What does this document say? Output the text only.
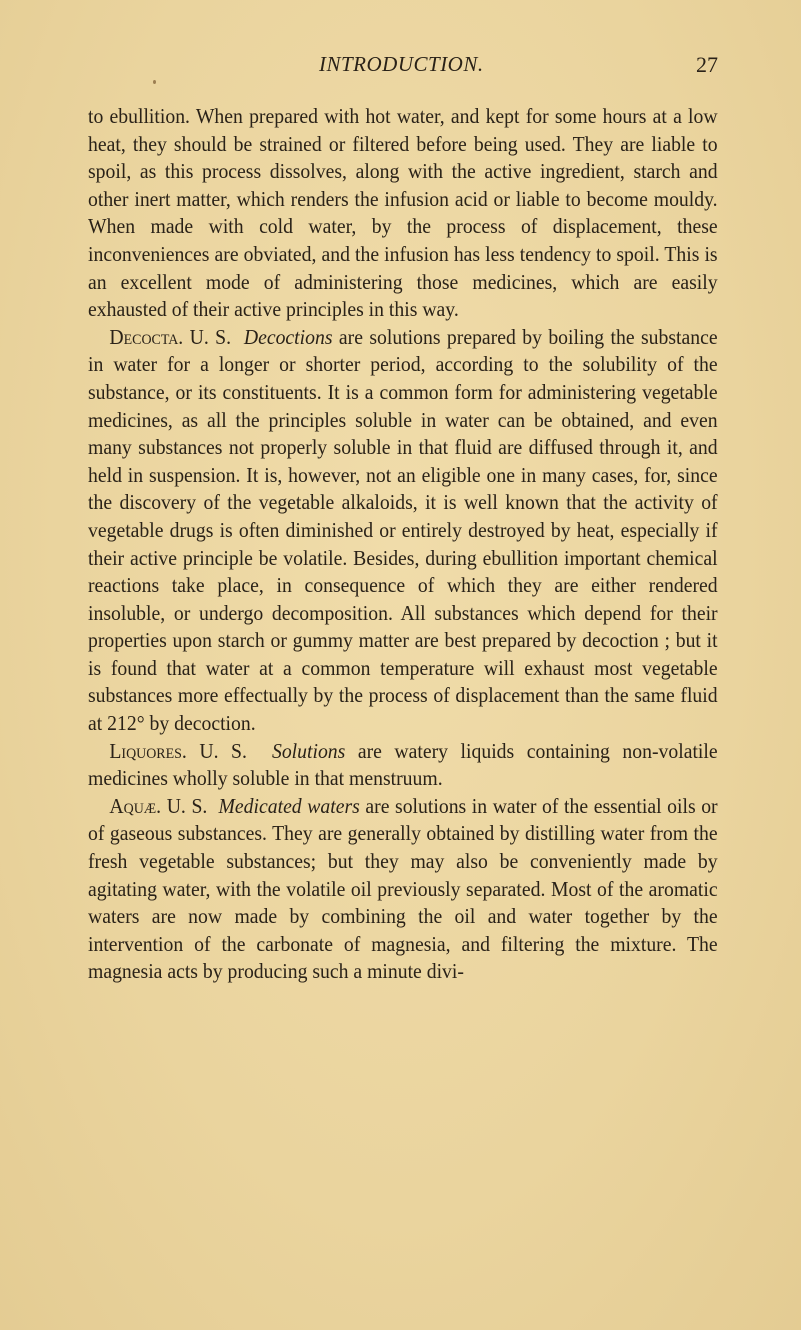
INTRODUCTION.	27

to ebullition. When prepared with hot water, and kept for some hours at a low heat, they should be strained or filtered before being used. They are liable to spoil, as this process dissolves, along with the active ingredient, starch and other inert matter, which renders the infusion acid or liable to become mouldy. When made with cold water, by the process of displacement, these inconveniences are obviated, and the infusion has less tendency to spoil. This is an excellent mode of administering those medicines, which are easily exhausted of their active principles in this way.

Decocta. U. S. Decoctions are solutions prepared by boiling the substance in water for a longer or shorter period, according to the solubility of the substance, or its constituents. It is a common form for administering vegetable medicines, as all the principles soluble in water can be obtained, and even many substances not properly soluble in that fluid are diffused through it, and held in suspension. It is, however, not an eligible one in many cases, for, since the discovery of the vegetable alkaloids, it is well known that the activity of vegetable drugs is often diminished or entirely destroyed by heat, especially if their active principle be volatile. Besides, during ebullition important chemical reactions take place, in consequence of which they are either rendered insoluble, or undergo decomposition. All substances which depend for their properties upon starch or gummy matter are best prepared by decoction ; but it is found that water at a common temperature will exhaust most vegetable substances more effectually by the process of displacement than the same fluid at 212° by decoction.

Liquores. U. S. Solutions are watery liquids containing non-volatile medicines wholly soluble in that menstruum.

Aquæ. U. S. Medicated waters are solutions in water of the essential oils or of gaseous substances. They are generally obtained by distilling water from the fresh vegetable substances; but they may also be conveniently made by agitating water, with the volatile oil previously separated. Most of the aromatic waters are now made by combining the oil and water together by the intervention of the carbonate of magnesia, and filtering the mixture. The magnesia acts by producing such a minute divi-
